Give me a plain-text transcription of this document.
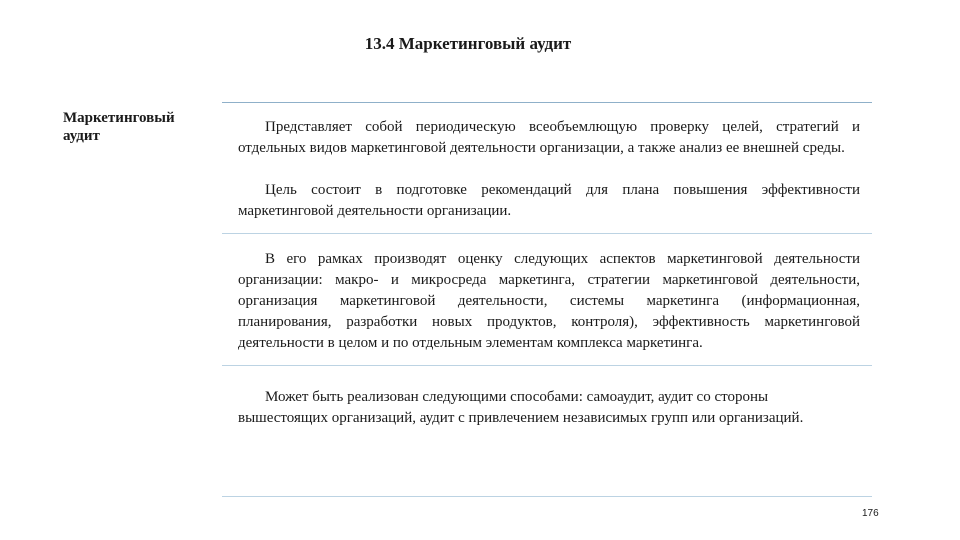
13.4 Маркетинговый аудит
Маркетинговый аудит

Представляет собой периодическую всеобъемлющую проверку целей, стратегий и отдельных видов маркетинговой деятельности организации, а также анализ ее внешней среды.

Цель состоит в подготовке рекомендаций для плана повышения эффективности маркетинговой деятельности организации.

В его рамках производят оценку следующих аспектов маркетинговой деятельности организации: макро- и микросреда маркетинга, стратегии маркетинговой деятельности, организация маркетинговой деятельности, системы маркетинга (информационная, планирования, разработки новых продуктов, контроля), эффективность маркетинговой деятельности в целом и по отдельным элементам комплекса маркетинга.

Может быть реализован следующими способами: самоаудит, аудит со стороны вышестоящих организаций, аудит с привлечением независимых групп или организаций.

176
